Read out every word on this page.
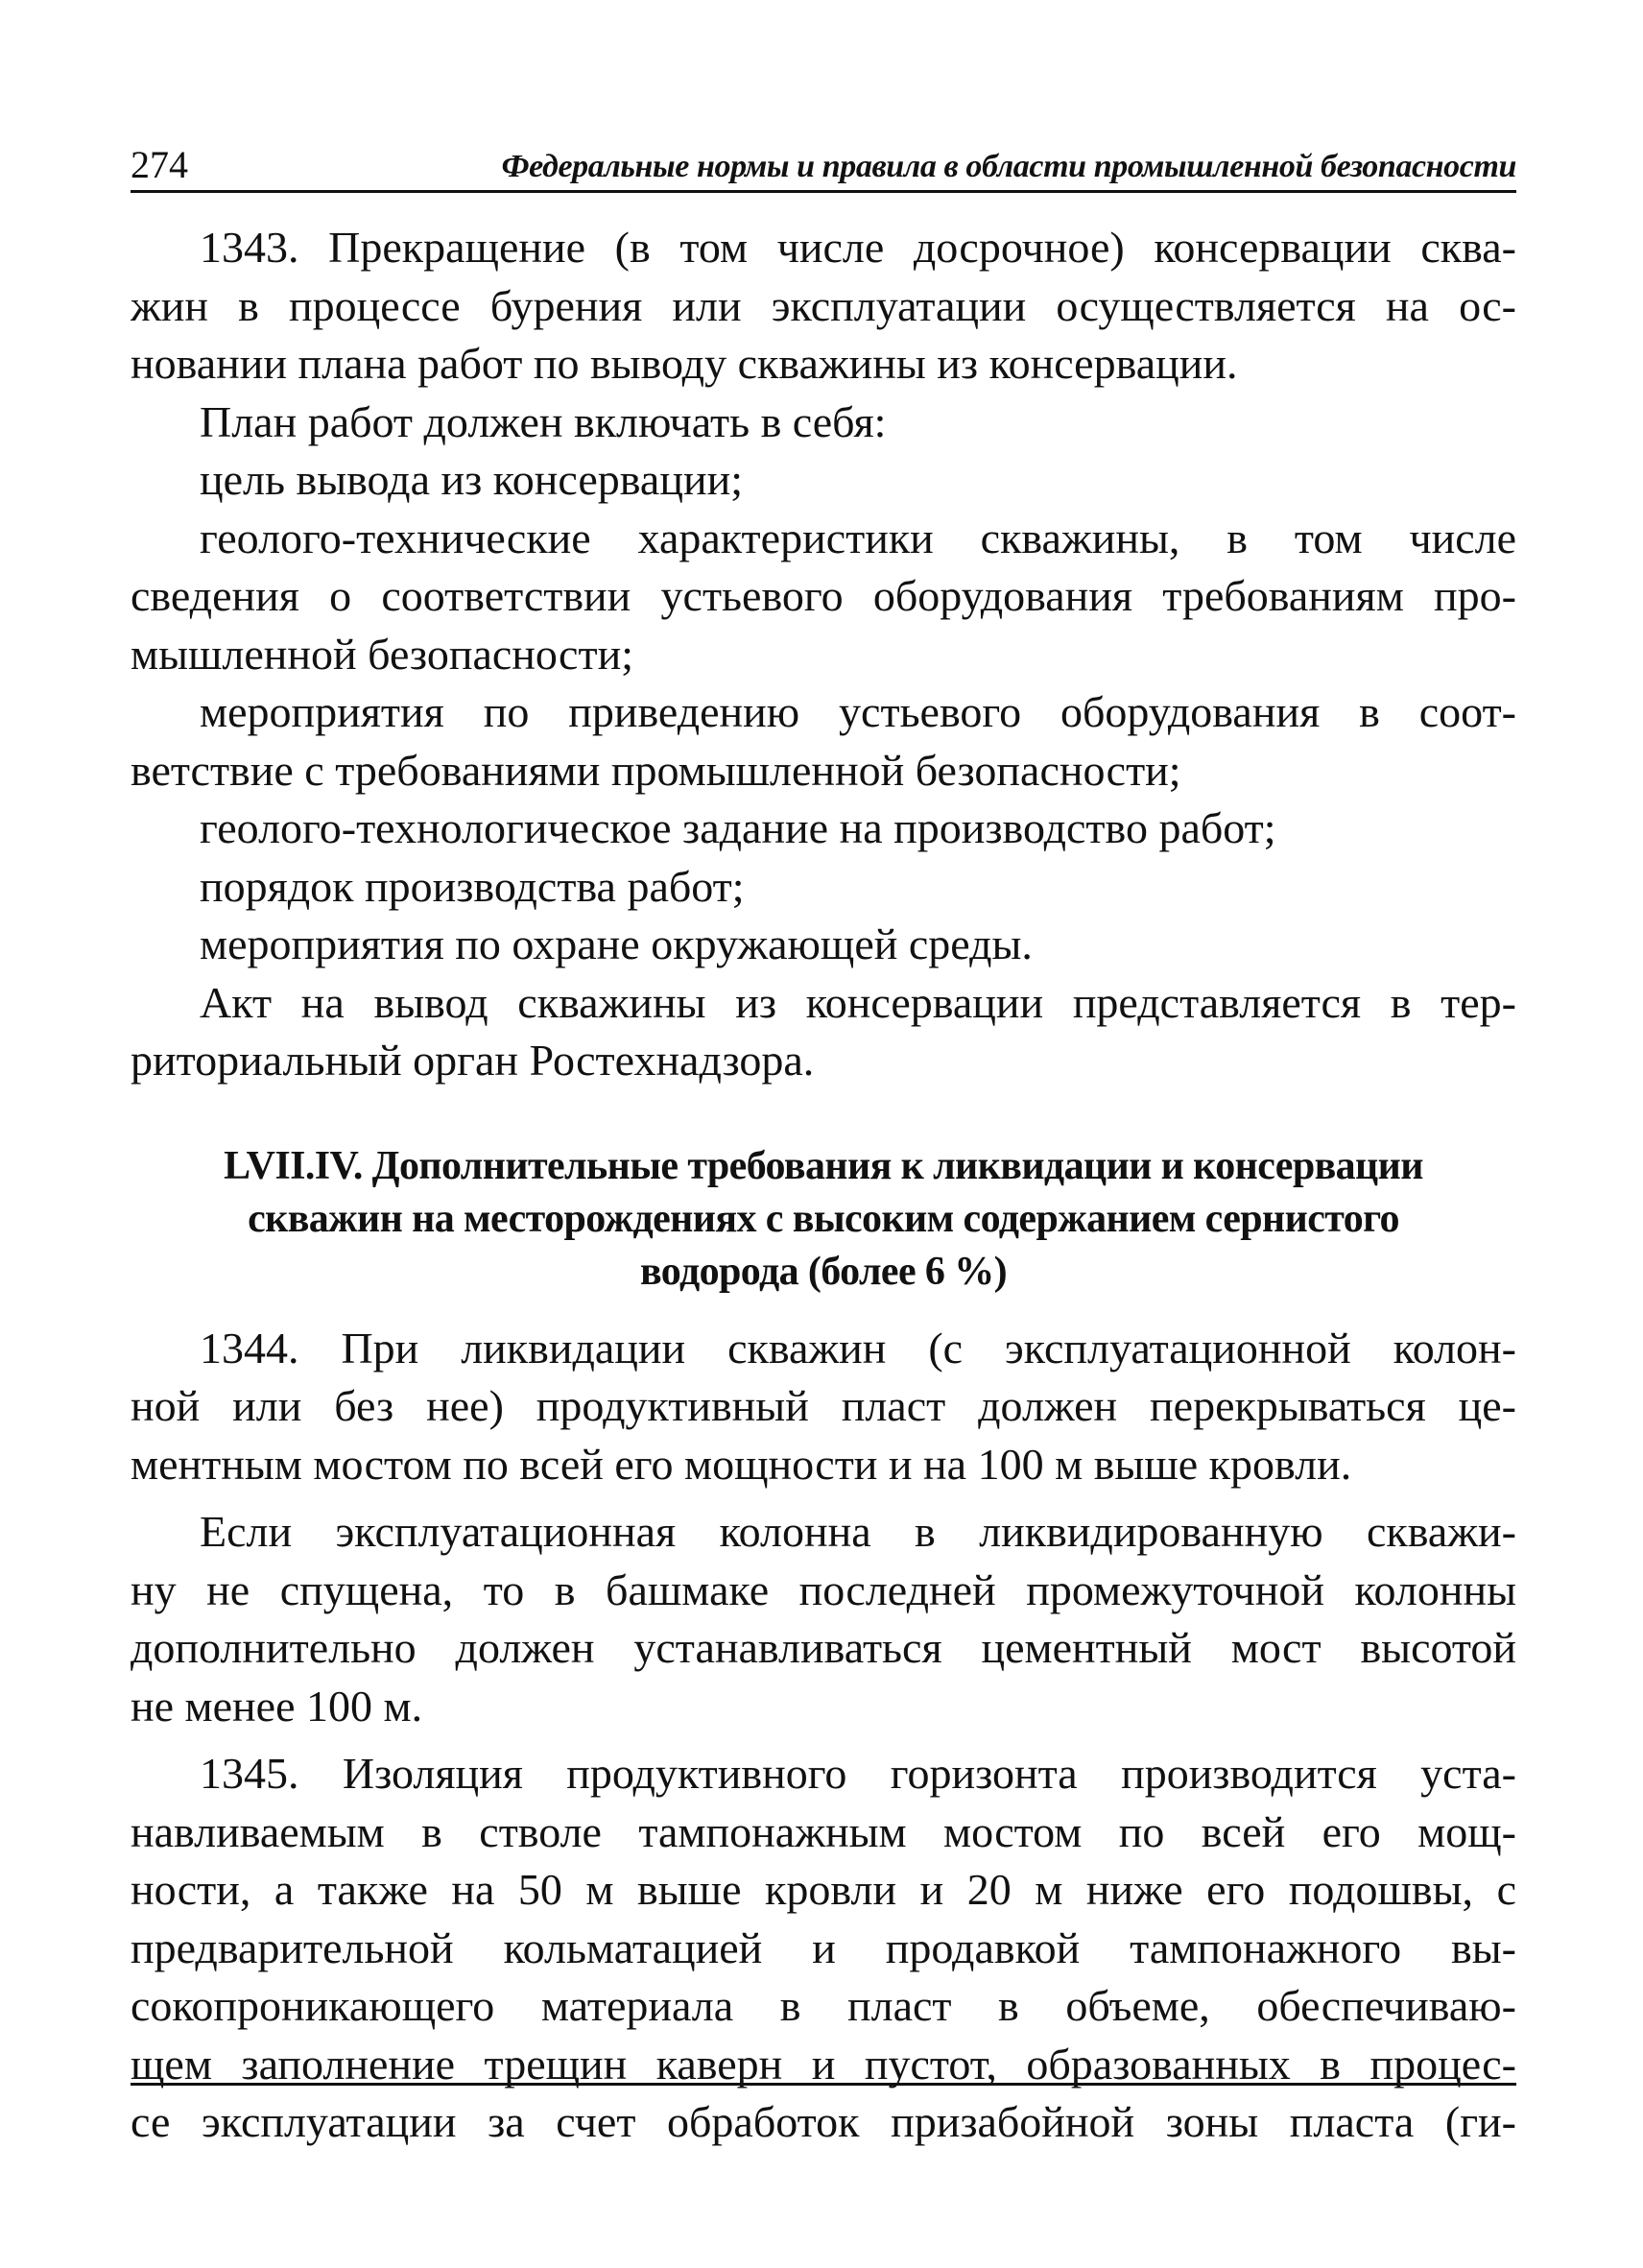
274	Федеральные нормы и правила в области промышленной безопасности
1343. Прекращение (в том числе досрочное) консервации сква-
жин в процессе бурения или эксплуатации осуществляется на ос-
новании плана работ по выводу скважины из консервации.
План работ должен включать в себя:
цель вывода из консервации;
геолого-технические характеристики скважины, в том числе
сведения о соответствии устьевого оборудования требованиям про-
мышленной безопасности;
мероприятия по приведению устьевого оборудования в соот-
ветствие с требованиями промышленной безопасности;
геолого-технологическое задание на производство работ;
порядок производства работ;
мероприятия по охране окружающей среды.
Акт на вывод скважины из консервации представляется в тер-
риториальный орган Ростехнадзора.
LVII.IV. Дополнительные требования к ликвидации и консервации
скважин на месторождениях с высоким содержанием сернистого
водорода (более 6 %)
1344. При ликвидации скважин (с эксплуатационной колон-
ной или без нее) продуктивный пласт должен перекрываться це-
ментным мостом по всей его мощности и на 100 м выше кровли.
Если эксплуатационная колонна в ликвидированную скважи-
ну не спущена, то в башмаке последней промежуточной колонны
дополнительно должен устанавливаться цементный мост высотой
не менее 100 м.
1345. Изоляция продуктивного горизонта производится уста-
навливаемым в стволе тампонажным мостом по всей его мощ-
ности, а также на 50 м выше кровли и 20 м ниже его подошвы, с
предварительной кольматацией и продавкой тампонажного вы-
сокопроникающего материала в пласт в объеме, обеспечиваю-
щем заполнение трещин каверн и пустот, образованных в процес-
се эксплуатации за счет обработок призабойной зоны пласта (ги-
